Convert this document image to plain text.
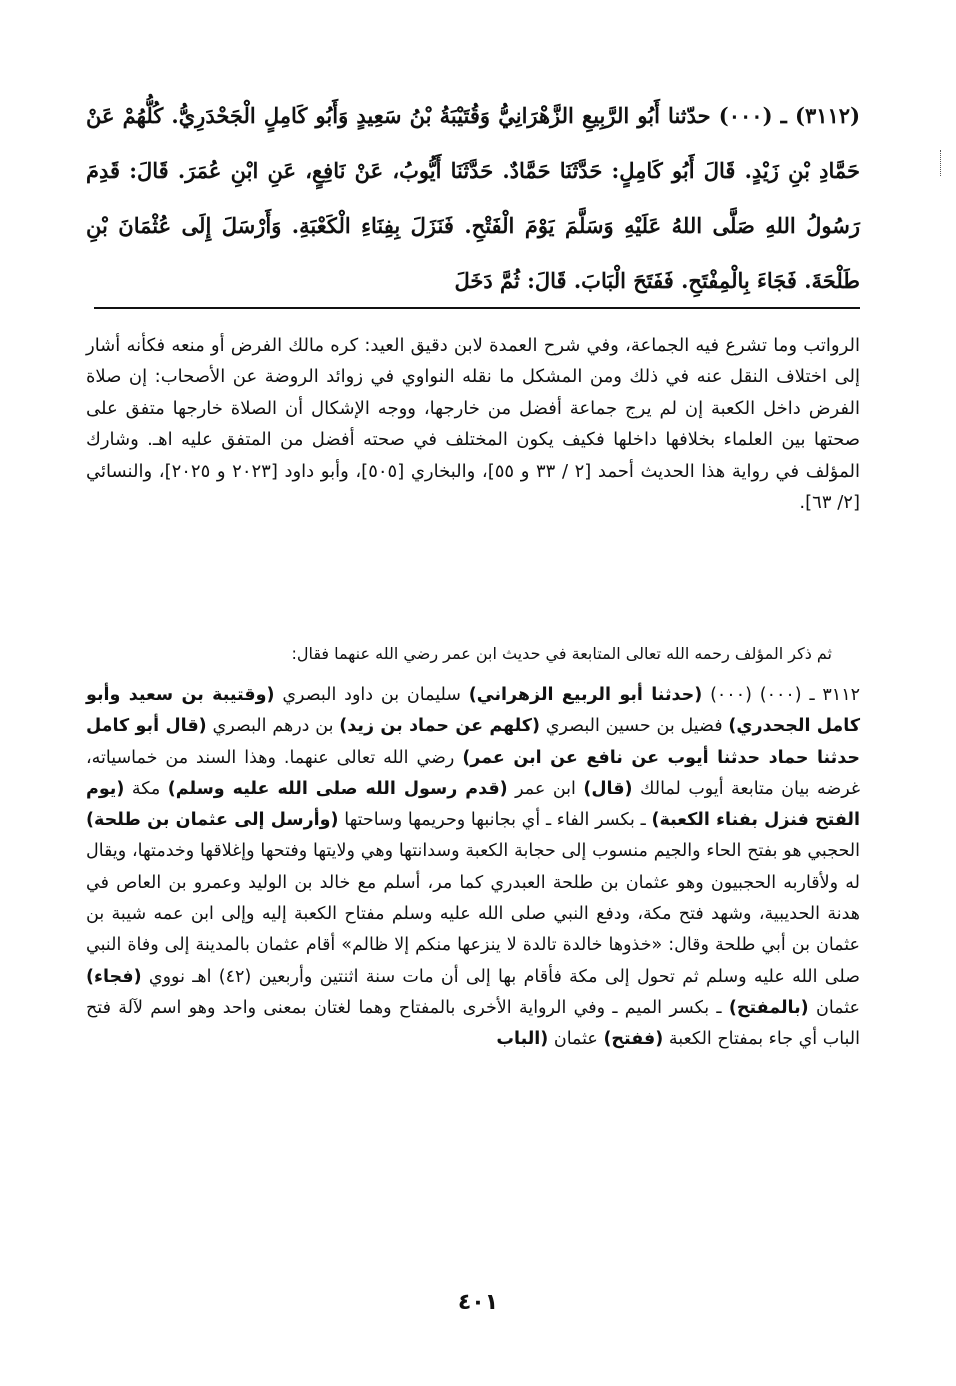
(٣١١٢) ـ (٠٠٠) حدّثنا أَبُو الرَّبِيعِ الزَّهْرَانِيُّ وَقُتَيْبَةُ بْنُ سَعِيدٍ وَأَبُو كَامِلٍ الْجَحْدَرِيُّ. كُلُّهُمْ عَنْ حَمَّادِ بْنِ زَيْدٍ. قَالَ أَبُو كَامِلٍ: حَدَّثَنَا حَمَّادٌ. حَدَّثَنَا أَيُّوبُ، عَنْ نَافِعٍ، عَنِ ابْنِ عُمَرَ. قَالَ: قَدِمَ رَسُولُ اللهِ صَلَّى اللهُ عَلَيْهِ وَسَلَّمَ يَوْمَ الْفَتْحِ. فَنَزَلَ بِفِنَاءِ الْكَعْبَةِ. وَأَرْسَلَ إِلَى عُثْمَانَ بْنِ طَلْحَةَ. فَجَاءَ بِالْمِفْتَحِ. فَفَتَحَ الْبَابَ. قَالَ: ثُمَّ دَخَلَ

الرواتب وما تشرع فيه الجماعة، وفي شرح العمدة لابن دقيق العيد: كره مالك الفرض أو منعه فكأنه أشار إلى اختلاف النقل عنه في ذلك ومن المشكل ما نقله النواوي في زوائد الروضة عن الأصحاب: إن صلاة الفرض داخل الكعبة إن لم يرج جماعة أفضل من خارجها، ووجه الإشكال أن الصلاة خارجها متفق على صحتها بين العلماء بخلافها داخلها فكيف يكون المختلف في صحته أفضل من المتفق عليه اهـ. وشارك المؤلف في رواية هذا الحديث أحمد [٢ / ٣٣ و ٥٥]، والبخاري [٥٠٥]، وأبو داود [٢٠٢٣ و ٢٠٢٥]، والنسائي [٢/ ٦٣].

ثم ذكر المؤلف رحمه الله تعالى المتابعة في حديث ابن عمر رضي الله عنهما فقال:

٣١١٢ ـ (٠٠٠) (٠٠٠) (حدثنا أبو الربيع الزهراني) سليمان بن داود البصري (وقتيبة بن سعيد وأبو كامل الجحدري) فضيل بن حسين البصري (كلهم عن حماد بن زيد) بن درهم البصري (قال أبو كامل حدثنا حماد حدثنا أيوب عن نافع عن ابن عمر) رضي الله تعالى عنهما. وهذا السند من خماسياته، غرضه بيان متابعة أيوب لمالك (قال) ابن عمر (قدم رسول الله صلى الله عليه وسلم) مكة (يوم الفتح فنزل بفناء الكعبة) ـ بكسر الفاء ـ أي بجانبها وحريمها وساحتها (وأرسل إلى عثمان بن طلحة) الحجبي هو بفتح الحاء والجيم منسوب إلى حجابة الكعبة وسدانتها وهي ولايتها وفتحها وإغلاقها وخدمتها، ويقال له ولأقاربه الحجبيون وهو عثمان بن طلحة العبدري كما مر، أسلم مع خالد بن الوليد وعمرو بن العاص في هدنة الحديبية، وشهد فتح مكة، ودفع النبي صلى الله عليه وسلم مفتاح الكعبة إليه وإلى ابن عمه شيبة بن عثمان بن أبي طلحة وقال: «خذوها خالدة تالدة لا ينزعها منكم إلا ظالم» أقام عثمان بالمدينة إلى وفاة النبي صلى الله عليه وسلم ثم تحول إلى مكة فأقام بها إلى أن مات سنة اثنتين وأربعين (٤٢) اهـ نووي (فجاء) عثمان (بالمفتح) ـ بكسر الميم ـ وفي الرواية الأخرى بالمفتاح وهما لغتان بمعنى واحد وهو اسم لآلة فتح الباب أي جاء بمفتاح الكعبة (ففتح) عثمان (الباب

٤٠١
